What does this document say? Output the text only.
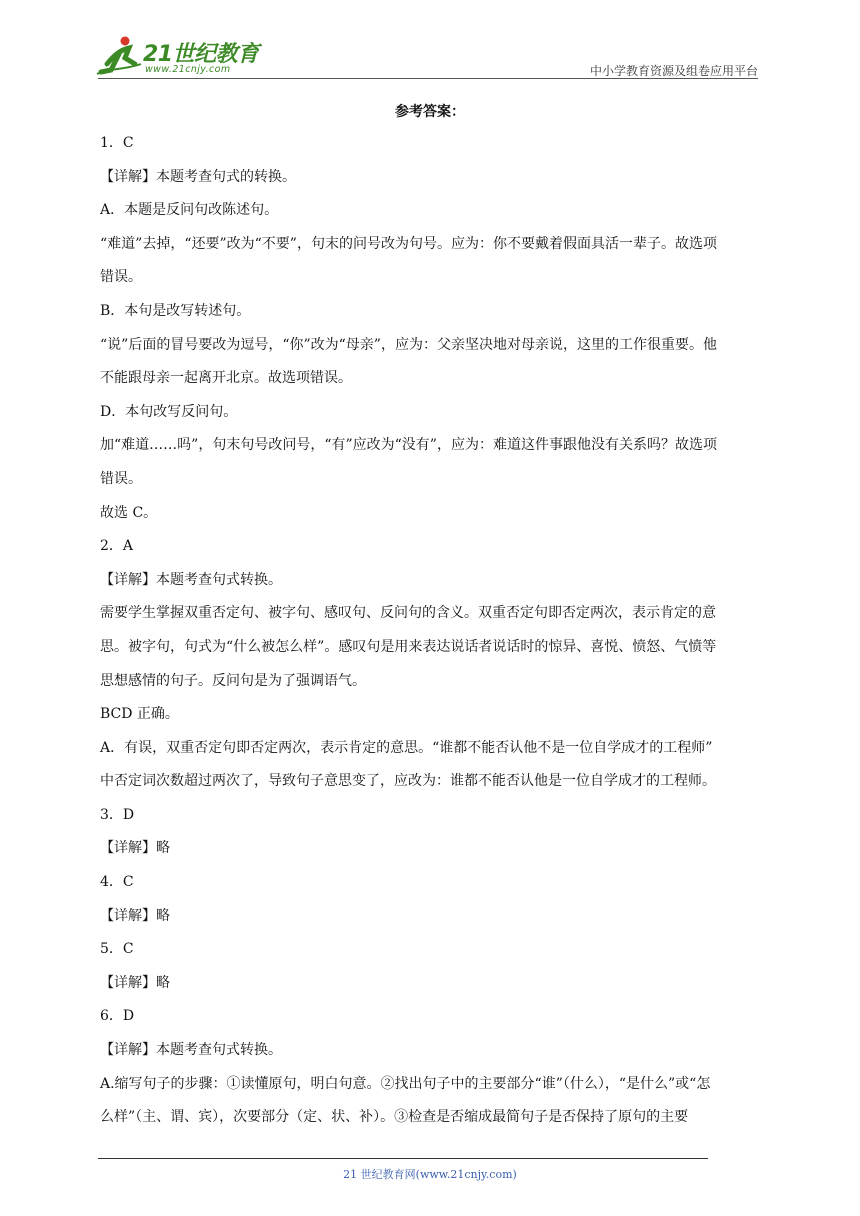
21世纪教育
www.21cnjy.com	中小学教育资源及组卷应用平台
参考答案：

1．C

【详解】本题考查句式的转换。

A．本题是反问句改陈述句。

“难道”去掉，“还要”改为“不要”，句末的问号改为句号。应为：你不要戴着假面具活一辈子。故选项

错误。

B．本句是改写转述句。

“说”后面的冒号要改为逗号，“你”改为“母亲”，应为：父亲坚决地对母亲说，这里的工作很重要。他

不能跟母亲一起离开北京。故选项错误。

D．本句改写反问句。

加“难道……吗”，句末句号改问号，“有”应改为“没有”，应为：难道这件事跟他没有关系吗？故选项

错误。

故选 C。

2．A

【详解】本题考查句式转换。

需要学生掌握双重否定句、被字句、感叹句、反问句的含义。双重否定句即否定两次，表示肯定的意

思。被字句，句式为“什么被怎么样”。感叹句是用来表达说话者说话时的惊异、喜悦、愤怒、气愤等

思想感情的句子。反问句是为了强调语气。

BCD 正确。

A．有误，双重否定句即否定两次，表示肯定的意思。“谁都不能否认他不是一位自学成才的工程师”

中否定词次数超过两次了，导致句子意思变了，应改为：谁都不能否认他是一位自学成才的工程师。

3．D

【详解】略

4．C

【详解】略

5．C

【详解】略

6．D

【详解】本题考查句式转换。

A.缩写句子的步骤：①读懂原句，明白句意。②找出句子中的主要部分“谁”（什么），“是什么”或“怎

么样”（主、谓、宾），次要部分（定、状、补）。③检查是否缩成最简句子是否保持了原句的主要

21 世纪教育网(www.21cnjy.com)
